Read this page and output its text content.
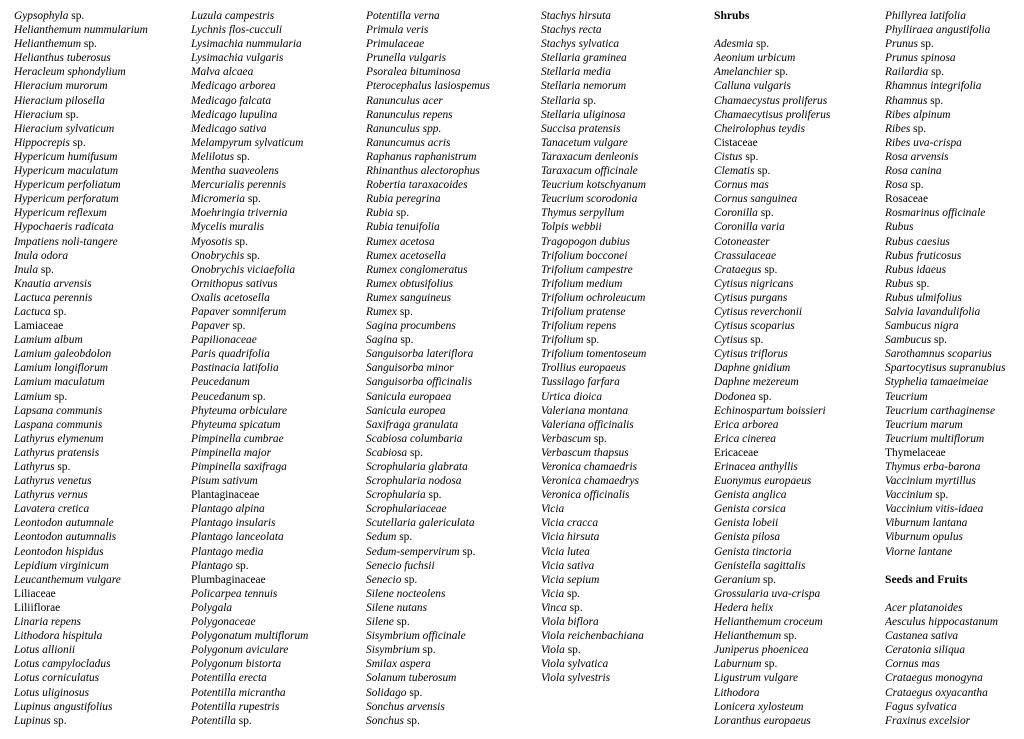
Gypsophyla sp.
Helianthemum nummularium
Helianthemum sp.
Helianthus tuberosus
Heracleum sphondylium
Hieracium murorum
Hieracium pilosella
Hieracium sp.
Hieracium sylvaticum
Hippocrepis sp.
Hypericum humifusum
Hypericum maculatum
Hypericum perfoliatum
Hypericum perforatum
Hypericum reflexum
Hypochaeris radicata
Impatiens noli-tangere
Inula odora
Inula sp.
Knautia arvensis
Lactuca perennis
Lactuca sp.
Lamiaceae
Lamium album
Lamium galeobdolon
Lamium longiflorum
Lamium maculatum
Lamium sp.
Lapsana communis
Laspana communis
Lathyrus elymenum
Lathyrus pratensis
Lathyrus sp.
Lathyrus venetus
Lathyrus vernus
Lavatera cretica
Leontodon autumnale
Leontodon autumnalis
Leontodon hispidus
Lepidium virginicum
Leucanthemum vulgare
Liliaceae
Liliiflorae
Linaria repens
Lithodora hispitula
Lotus allionii
Lotus campylocladus
Lotus corniculatus
Lotus uliginosus
Lupinus angustifolius
Lupinus sp.
Luzula campestris
Lychnis flos-cucculi
Lysimachia nummularia
Lysimachia vulgaris
Malva alcaea
Medicago arborea
Medicago falcata
Medicago lupulina
Medicago sativa
Melampyrum sylvaticum
Melilotus sp.
Mentha suaveolens
Mercurialis perennis
Micromeria sp.
Moehringia trivernia
Mycelis muralis
Myosotis sp.
Onobrychis sp.
Onobrychis viciaefolia
Ornithopus sativus
Oxalis acetosella
Papaver somniferum
Papaver sp.
Papilionaceae
Paris quadrifolia
Pastinacia latifolia
Peucedanum
Peucedanum sp.
Phyteuma orbiculare
Phyteuma spicatum
Pimpinella cumbrae
Pimpinella major
Pimpinella saxifraga
Pisum sativum
Plantaginaceae
Plantago alpina
Plantago insularis
Plantago lanceolata
Plantago media
Plantago sp.
Plumbaginaceae
Policarpea tennuis
Polygala
Polygonaceae
Polygonatum multiflorum
Polygonum aviculare
Polygonum bistorta
Potentilla erecta
Potentilla micrantha
Potentilla rupestris
Potentilla sp.
Potentilla verna
Primula veris
Primulaceae
Prunella vulgaris
Psoralea bituminosa
Pterocephalus lasiospemus
Ranunculus acer
Ranunculus repens
Ranunculus spp.
Ranuncumus acris
Raphanus raphanistrum
Rhinanthus alectorophus
Robertia taraxacoides
Rubia peregrina
Rubia sp.
Rubia tenuifolia
Rumex acetosa
Rumex acetosella
Rumex conglomeratus
Rumex obtusifolius
Rumex sanguineus
Rumex sp.
Sagina procumbens
Sagina sp.
Sanguisorba lateriflora
Sanguisorba minor
Sanguisorba officinalis
Sanicula europaea
Sanicula europea
Saxifraga granulata
Scabiosa columbaria
Scabiosa sp.
Scrophularia glabrata
Scrophularia nodosa
Scrophularia sp.
Scrophulariaceae
Scutellaria galericulata
Sedum sp.
Sedum-sempervirum sp.
Senecio fuchsii
Senecio sp.
Silene nocteolens
Silene nutans
Silene sp.
Sisymbrium officinale
Sisymbrium sp.
Smilax aspera
Solanum tuberosum
Solidago sp.
Sonchus arvensis
Sonchus sp.
Stachys hirsuta
Stachys recta
Stachys sylvatica
Stellaria graminea
Stellaria media
Stellaria nemorum
Stellaria sp.
Stellaria uliginosa
Succisa pratensis
Tanacetum vulgare
Taraxacum denleonis
Taraxacum officinale
Teucrium kotschyanum
Teucrium scorodonia
Thymus serpyllum
Tolpis webbii
Tragopogon dubius
Trifolium bocconei
Trifolium campestre
Trifolium medium
Trifolium ochroleucum
Trifolium pratense
Trifolium repens
Trifolium sp.
Trifolium tomentoseum
Trollius europaeus
Tussilago farfara
Urtica dioica
Valeriana montana
Valeriana officinalis
Verbascum sp.
Verbascum thapsus
Veronica chamaedris
Veronica chamaedrys
Veronica officinalis
Vicia
Vicia cracca
Vicia hirsuta
Vicia lutea
Vicia sativa
Vicia sepium
Vicia sp.
Vinca sp.
Viola biflora
Viola reichenbachiana
Viola sp.
Viola sylvatica
Viola sylvestris
Shrubs
Adesmia sp.
Aeonium urbicum
Amelanchier sp.
Calluna vulgaris
Chamaecystus proliferus
Chamaecytisus proliferus
Cheirolophus teydis
Cistaceae
Cistus sp.
Clematis sp.
Cornus mas
Cornus sanguinea
Coronilla sp.
Coronilla varia
Cotoneaster
Crassulaceae
Crataegus sp.
Cytisus nigricans
Cytisus purgans
Cytisus reverchonii
Cytisus scoparius
Cytisus sp.
Cytisus triflorus
Daphne gnidium
Daphne mezereum
Dodonea sp.
Echinospartum boissieri
Erica arborea
Erica cinerea
Ericaceae
Erinacea anthyllis
Euonymus europaeus
Genista anglica
Genista corsica
Genista lobeii
Genista pilosa
Genista tinctoria
Genistella sagittalis
Geranium sp.
Grossularia uva-crispa
Hedera helix
Helianthemum croceum
Helianthemum sp.
Juniperus phoenicea
Laburnum sp.
Ligustrum vulgare
Lithodora
Lonicera xylosteum
Loranthus europaeus
Phillyrea latifolia
Phylliraea angustifolia
Prunus sp.
Prunus spinosa
Railardia sp.
Rhamnus integrifolia
Rhamnus sp.
Ribes alpinum
Ribes sp.
Ribes uva-crispa
Rosa arvensis
Rosa canina
Rosa sp.
Rosaceae
Rosmarinus officinale
Rubus
Rubus caesius
Rubus fruticosus
Rubus idaeus
Rubus sp.
Rubus ulmifolius
Salvia lavandulifolia
Sambucus nigra
Sambucus sp.
Sarothamnus scoparius
Spartocytisus supranubius
Styphelia tamaeimeiae
Teucrium
Teucrium carthaginense
Teucrium marum
Teucrium multiflorum
Thymelaceae
Thymus erba-barona
Vaccinium myrtillus
Vaccinium sp.
Vaccinium vitis-idaea
Viburnum lantana
Viburnum opulus
Viorne lantane
Seeds and Fruits
Acer platanoides
Aesculus hippocastanum
Castanea sativa
Ceratonia siliqua
Cornus mas
Crataegus monogyna
Crataegus oxyacantha
Fagus sylvatica
Fraxinus excelsior
